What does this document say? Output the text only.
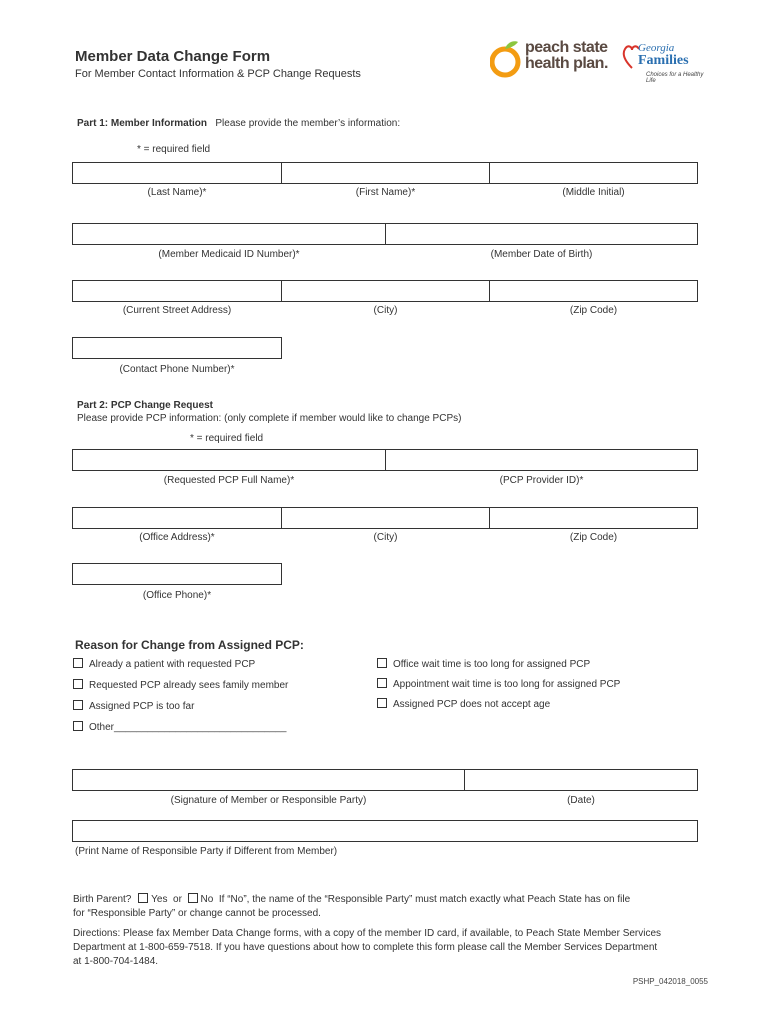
Member Data Change Form
For Member Contact Information & PCP Change Requests
peach state
health plan.
Georgia
Families
Choices for a Healthy Life
Part 1: Member Information Please provide the member’s information:
* = required field
(Last Name)*	(First Name)*	(Middle Initial)
(Member Medicaid ID Number)*	(Member Date of Birth)
(Current Street Address)	(City)	(Zip Code)
(Contact Phone Number)*
Part 2: PCP Change Request
Please provide PCP information: (only complete if member would like to change PCPs)
* = required field
(Requested PCP Full Name)*	(PCP Provider ID)*
(Office Address)*	(City)	(Zip Code)
(Office Phone)*
Reason for Change from Assigned PCP:
Already a patient with requested PCP
Requested PCP already sees family member
Assigned PCP is too far
Other_______________________________
Office wait time is too long for assigned PCP
Appointment wait time is too long for assigned PCP
Assigned PCP does not accept age
(Signature of Member or Responsible Party)	(Date)
(Print Name of Responsible Party if Different from Member)
Birth Parent? Yes or No If “No”, the name of the “Responsible Party” must match exactly what Peach State has on file
for “Responsible Party” or change cannot be processed.
Directions: Please fax Member Data Change forms, with a copy of the member ID card, if available, to Peach State Member Services
Department at 1-800-659-7518. If you have questions about how to complete this form please call the Member Services Department
at 1-800-704-1484.
PSHP_042018_0055
